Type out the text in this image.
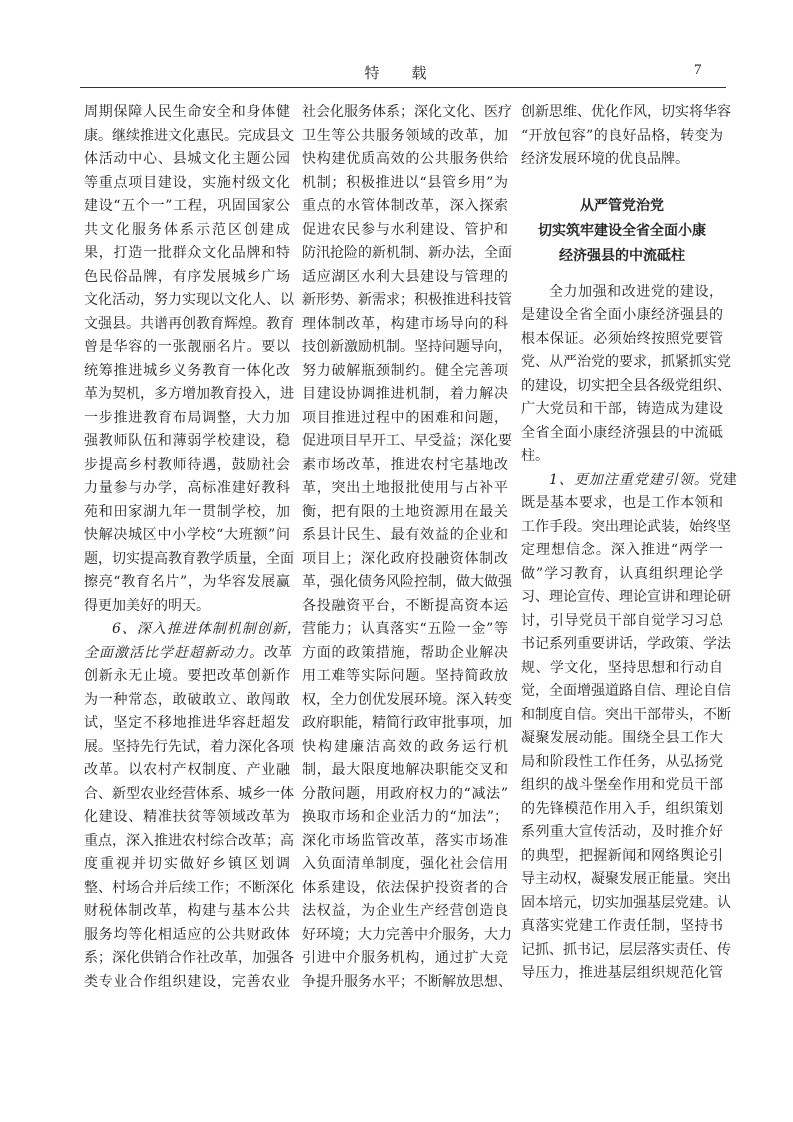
特 载	7
周期保障人民生命安全和身体健
康。继续推进文化惠民。完成县文
体活动中心、县城文化主题公园
等重点项目建设，实施村级文化
建设“五个一”工程，巩固国家公
共文化服务体系示范区创建成
果，打造一批群众文化品牌和特
色民俗品牌，有序发展城乡广场
文化活动，努力实现以文化人、以
文强县。共谱再创教育辉煌。教育
曾是华容的一张靓丽名片。要以
统筹推进城乡义务教育一体化改
革为契机，多方增加教育投入，进
一步推进教育布局调整，大力加
强教师队伍和薄弱学校建设，稳
步提高乡村教师待遇，鼓励社会
力量参与办学，高标准建好教科
苑和田家湖九年一贯制学校，加
快解决城区中小学校“大班额”问
题，切实提高教育教学质量，全面
擦亮“教育名片”，为华容发展赢
得更加美好的明天。
6、深入推进体制机制创新，
全面激活比学赶超新动力。改革
创新永无止境。要把改革创新作
为一种常态，敢破敢立、敢闯敢
试，坚定不移地推进华容赶超发
展。坚持先行先试，着力深化各项
改革。以农村产权制度、产业融
合、新型农业经营体系、城乡一体
化建设、精准扶贫等领域改革为
重点，深入推进农村综合改革；高
度重视并切实做好乡镇区划调
整、村场合并后续工作；不断深化
财税体制改革，构建与基本公共
服务均等化相适应的公共财政体
系；深化供销合作社改革，加强各
类专业合作组织建设，完善农业
社会化服务体系；深化文化、医疗
卫生等公共服务领域的改革，加
快构建优质高效的公共服务供给
机制；积极推进以“县管乡用”为
重点的水管体制改革，深入探索
促进农民参与水利建设、管护和
防汛抢险的新机制、新办法，全面
适应湖区水利大县建设与管理的
新形势、新需求；积极推进科技管
理体制改革，构建市场导向的科
技创新激励机制。坚持问题导向，
努力破解瓶颈制约。健全完善项
目建设协调推进机制，着力解决
项目推进过程中的困难和问题，
促进项目早开工、早受益；深化要
素市场改革，推进农村宅基地改
革，突出土地报批使用与占补平
衡，把有限的土地资源用在最关
系县计民生、最有效益的企业和
项目上；深化政府投融资体制改
革，强化债务风险控制，做大做强
各投融资平台，不断提高资本运
营能力；认真落实“五险一金”等
方面的政策措施，帮助企业解决
用工难等实际问题。坚持简政放
权，全力创优发展环境。深入转变
政府职能，精简行政审批事项，加
快构建廉洁高效的政务运行机
制，最大限度地解决职能交叉和
分散问题，用政府权力的“减法”
换取市场和企业活力的“加法”；
深化市场监管改革，落实市场准
入负面清单制度，强化社会信用
体系建设，依法保护投资者的合
法权益，为企业生产经营创造良
好环境；大力完善中介服务，大力
引进中介服务机构，通过扩大竞
争提升服务水平；不断解放思想、
创新思维、优化作风，切实将华容
“开放包容”的良好品格，转变为
经济发展环境的优良品牌。
从严管党治党
切实筑牢建设全省全面小康
经济强县的中流砥柱
全力加强和改进党的建设，
是建设全省全面小康经济强县的
根本保证。必须始终按照党要管
党、从严治党的要求，抓紧抓实党
的建设，切实把全县各级党组织、
广大党员和干部，铸造成为建设
全省全面小康经济强县的中流砥
柱。
1、更加注重党建引领。党建
既是基本要求，也是工作本领和
工作手段。突出理论武装，始终坚
定理想信念。深入推进“两学一
做”学习教育，认真组织理论学
习、理论宣传、理论宣讲和理论研
讨，引导党员干部自觉学习习总
书记系列重要讲话，学政策、学法
规、学文化，坚持思想和行动自
觉，全面增强道路自信、理论自信
和制度自信。突出干部带头，不断
凝聚发展动能。围绕全县工作大
局和阶段性工作任务，从弘扬党
组织的战斗堡垒作用和党员干部
的先锋模范作用入手，组织策划
系列重大宣传活动，及时推介好
的典型，把握新闻和网络舆论引
导主动权，凝聚发展正能量。突出
固本培元，切实加强基层党建。认
真落实党建工作责任制，坚持书
记抓、抓书记，层层落实责任、传
导压力，推进基层组织规范化管
